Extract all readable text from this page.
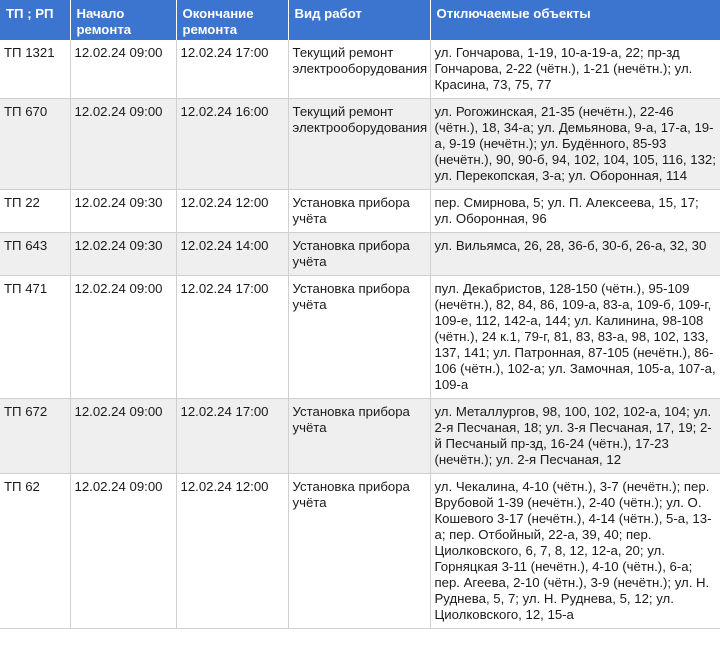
ТП ; РП	Начало ремонта	Окончание ремонта	Вид работ	Отключаемые объекты
ТП 1321	12.02.24 09:00	12.02.24 17:00	Текущий ремонт электрооборудования	ул. Гончарова, 1-19, 10-а-19-а, 22; пр-зд Гончарова, 2-22 (чётн.), 1-21 (нечётн.); ул. Красина, 73, 75, 77
ТП 670	12.02.24 09:00	12.02.24 16:00	Текущий ремонт электрооборудования	ул. Рогожинская, 21-35 (нечётн.), 22-46 (чётн.), 18, 34-а; ул. Демьянова, 9-а, 17-а, 19-а, 9-19 (нечётн.); ул. Будённого, 85-93 (нечётн.), 90, 90-б, 94, 102, 104, 105, 116, 132; ул. Перекопская, 3-а; ул. Оборонная, 114
ТП 22	12.02.24 09:30	12.02.24 12:00	Установка прибора учёта	пер. Смирнова, 5; ул. П. Алексеева, 15, 17; ул. Оборонная, 96
ТП 643	12.02.24 09:30	12.02.24 14:00	Установка прибора учёта	ул. Вильямса, 26, 28, 36-б, 30-б, 26-а, 32, 30
ТП 471	12.02.24 09:00	12.02.24 17:00	Установка прибора учёта	пул. Декабристов, 128-150 (чётн.), 95-109 (нечётн.), 82, 84, 86, 109-а, 83-а, 109-б, 109-г, 109-е, 112, 142-а, 144; ул. Калинина, 98-108 (чётн.), 24 к.1, 79-г, 81, 83, 83-а, 98, 102, 133, 137, 141; ул. Патронная, 87-105 (нечётн.), 86-106 (чётн.), 102-а; ул. Замочная, 105-а, 107-а, 109-а
ТП 672	12.02.24 09:00	12.02.24 17:00	Установка прибора учёта	ул. Металлургов, 98, 100, 102, 102-а, 104; ул. 2-я Песчаная, 18; ул. 3-я Песчаная, 17, 19; 2-й Песчаный пр-зд, 16-24 (чётн.), 17-23 (нечётн.); ул. 2-я Песчаная, 12
ТП 62	12.02.24 09:00	12.02.24 12:00	Установка прибора учёта	ул. Чекалина, 4-10 (чётн.), 3-7 (нечётн.); пер. Врубовой 1-39 (нечётн.), 2-40 (чётн.); ул. О. Кошевого 3-17 (нечётн.), 4-14 (чётн.), 5-а, 13-а; пер. Отбойный, 22-а, 39, 40; пер. Циолковского, 6, 7, 8, 12, 12-а, 20; ул. Горняцкая 3-11 (нечётн.), 4-10 (чётн.), 6-а; пер. Агеева, 2-10 (чётн.), 3-9 (нечётн.); ул. Н. Руднева, 5, 7; ул. Н. Руднева, 5, 12; ул. Циолковского, 12, 15-а
